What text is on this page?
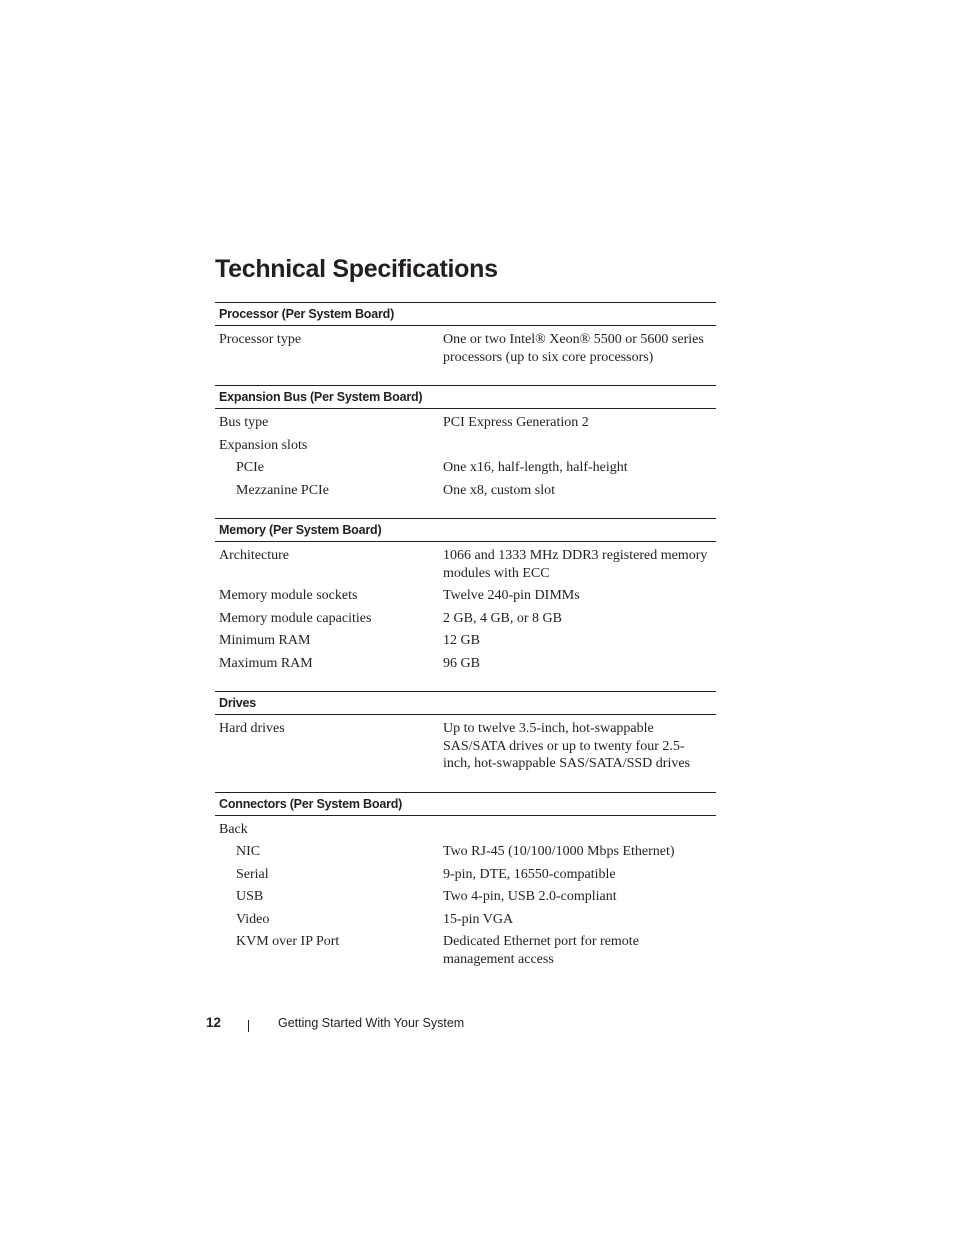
Technical Specifications
Processor (Per System Board)
Processor type	One or two Intel® Xeon® 5500 or 5600 series processors (up to six core processors)
Expansion Bus (Per System Board)
Bus type	PCI Express Generation 2
Expansion slots
PCIe	One x16, half-length, half-height
Mezzanine PCIe	One x8, custom slot
Memory (Per System Board)
Architecture	1066 and 1333 MHz DDR3 registered memory modules with ECC
Memory module sockets	Twelve 240-pin DIMMs
Memory module capacities	2 GB, 4 GB, or 8 GB
Minimum RAM	12 GB
Maximum RAM	96 GB
Drives
Hard drives	Up to twelve 3.5-inch, hot-swappable SAS/SATA drives or up to twenty four 2.5-inch, hot-swappable SAS/SATA/SSD drives
Connectors (Per System Board)
Back
NIC	Two RJ-45 (10/100/1000 Mbps Ethernet)
Serial	9-pin, DTE, 16550-compatible
USB	Two 4-pin, USB 2.0-compliant
Video	15-pin VGA
KVM over IP Port	Dedicated Ethernet port for remote management access
12	Getting Started With Your System
